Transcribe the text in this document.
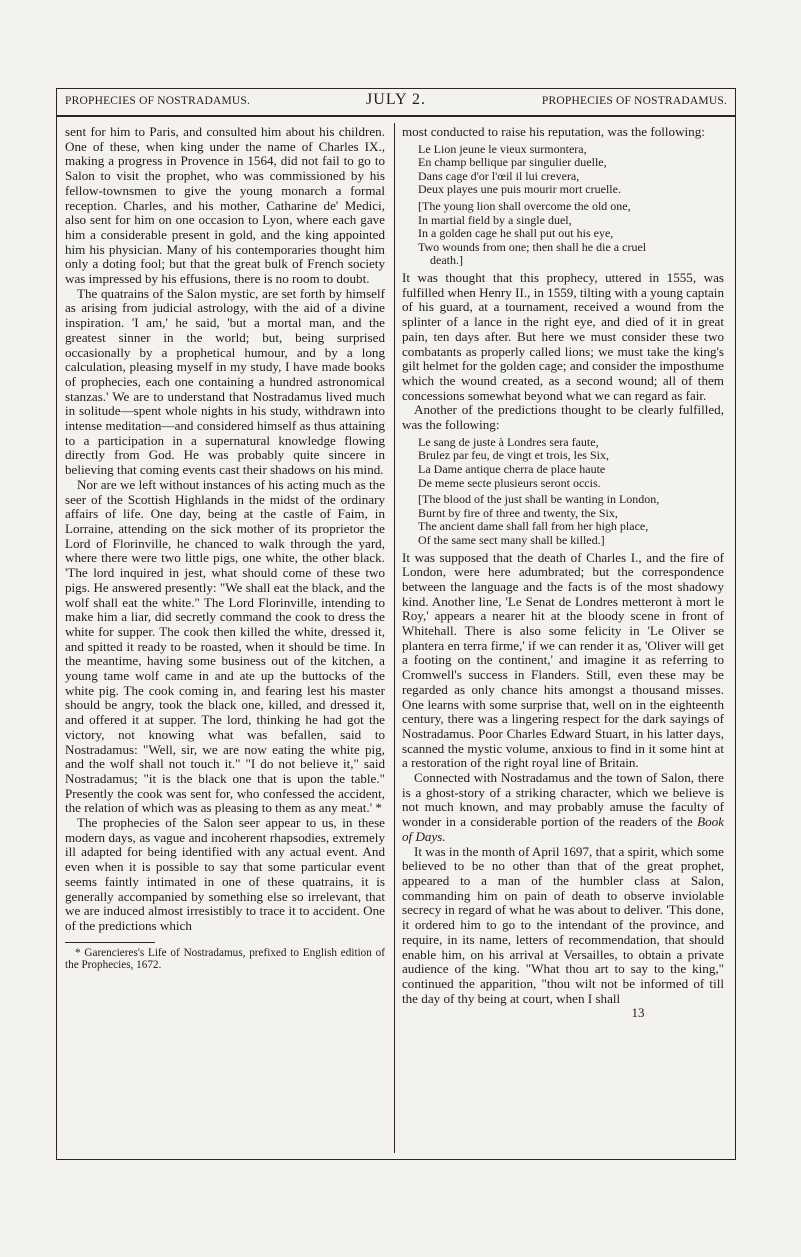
PROPHECIES OF NOSTRADAMUS.	JULY 2.	PROPHECIES OF NOSTRADAMUS.

sent for him to Paris, and consulted him about his children. One of these, when king under the name of Charles IX., making a progress in Provence in 1564, did not fail to go to Salon to visit the prophet, who was commissioned by his fellow-townsmen to give the young monarch a formal reception. Charles, and his mother, Catharine de' Medici, also sent for him on one occasion to Lyon, where each gave him a considerable present in gold, and the king appointed him his physician. Many of his contemporaries thought him only a doting fool; but that the great bulk of French society was impressed by his effusions, there is no room to doubt.

The quatrains of the Salon mystic, are set forth by himself as arising from judicial astrology, with the aid of a divine inspiration. 'I am,' he said, 'but a mortal man, and the greatest sinner in the world; but, being surprised occasionally by a prophetical humour, and by a long calculation, pleasing myself in my study, I have made books of prophecies, each one containing a hundred astronomical stanzas.' We are to understand that Nostradamus lived much in solitude—spent whole nights in his study, withdrawn into intense meditation—and considered himself as thus attaining to a participation in a supernatural knowledge flowing directly from God. He was probably quite sincere in believing that coming events cast their shadows on his mind.

Nor are we left without instances of his acting much as the seer of the Scottish Highlands in the midst of the ordinary affairs of life. One day, being at the castle of Faim, in Lorraine, attending on the sick mother of its proprietor the Lord of Florinville, he chanced to walk through the yard, where there were two little pigs, one white, the other black. 'The lord inquired in jest, what should come of these two pigs. He answered presently: "We shall eat the black, and the wolf shall eat the white." The Lord Florinville, intending to make him a liar, did secretly command the cook to dress the white for supper. The cook then killed the white, dressed it, and spitted it ready to be roasted, when it should be time. In the meantime, having some business out of the kitchen, a young tame wolf came in and ate up the buttocks of the white pig. The cook coming in, and fearing lest his master should be angry, took the black one, killed, and dressed it, and offered it at supper. The lord, thinking he had got the victory, not knowing what was befallen, said to Nostradamus: "Well, sir, we are now eating the white pig, and the wolf shall not touch it." "I do not believe it," said Nostradamus; "it is the black one that is upon the table." Presently the cook was sent for, who confessed the accident, the relation of which was as pleasing to them as any meat.' *

The prophecies of the Salon seer appear to us, in these modern days, as vague and incoherent rhapsodies, extremely ill adapted for being identified with any actual event. And even when it is possible to say that some particular event seems faintly intimated in one of these quatrains, it is generally accompanied by something else so irrelevant, that we are induced almost irresistibly to trace it to accident. One of the predictions which

* Garencieres's Life of Nostradamus, prefixed to English edition of the Prophecies, 1672.

most conducted to raise his reputation, was the following:

Le Lion jeune le vieux surmontera,
En champ bellique par singulier duelle,
Dans cage d'or l'œil il lui crevera,
Deux playes une puis mourir mort cruelle.
[The young lion shall overcome the old one,
In martial field by a single duel,
In a golden cage he shall put out his eye,
Two wounds from one; then shall he die a cruel
death.]

It was thought that this prophecy, uttered in 1555, was fulfilled when Henry II., in 1559, tilting with a young captain of his guard, at a tournament, received a wound from the splinter of a lance in the right eye, and died of it in great pain, ten days after. But here we must consider these two combatants as properly called lions; we must take the king's gilt helmet for the golden cage; and consider the imposthume which the wound created, as a second wound; all of them concessions somewhat beyond what we can regard as fair.

Another of the predictions thought to be clearly fulfilled, was the following:

Le sang de juste à Londres sera faute,
Brulez par feu, de vingt et trois, les Six,
La Dame antique cherra de place haute
De meme secte plusieurs seront occis.
[The blood of the just shall be wanting in London,
Burnt by fire of three and twenty, the Six,
The ancient dame shall fall from her high place,
Of the same sect many shall be killed.]

It was supposed that the death of Charles I., and the fire of London, were here adumbrated; but the correspondence between the language and the facts is of the most shadowy kind. Another line, 'Le Senat de Londres metteront à mort le Roy,' appears a nearer hit at the bloody scene in front of Whitehall. There is also some felicity in 'Le Oliver se plantera en terra firme,' if we can render it as, 'Oliver will get a footing on the continent,' and imagine it as referring to Cromwell's success in Flanders. Still, even these may be regarded as only chance hits amongst a thousand misses. One learns with some surprise that, well on in the eighteenth century, there was a lingering respect for the dark sayings of Nostradamus. Poor Charles Edward Stuart, in his latter days, scanned the mystic volume, anxious to find in it some hint at a restoration of the right royal line of Britain.

Connected with Nostradamus and the town of Salon, there is a ghost-story of a striking character, which we believe is not much known, and may probably amuse the faculty of wonder in a considerable portion of the readers of the Book of Days.

It was in the month of April 1697, that a spirit, which some believed to be no other than that of the great prophet, appeared to a man of the humbler class at Salon, commanding him on pain of death to observe inviolable secrecy in regard of what he was about to deliver. 'This done, it ordered him to go to the intendant of the province, and require, in its name, letters of recommendation, that should enable him, on his arrival at Versailles, to obtain a private audience of the king. "What thou art to say to the king," continued the apparition, "thou wilt not be informed of till the day of thy being at court, when I shall

13
